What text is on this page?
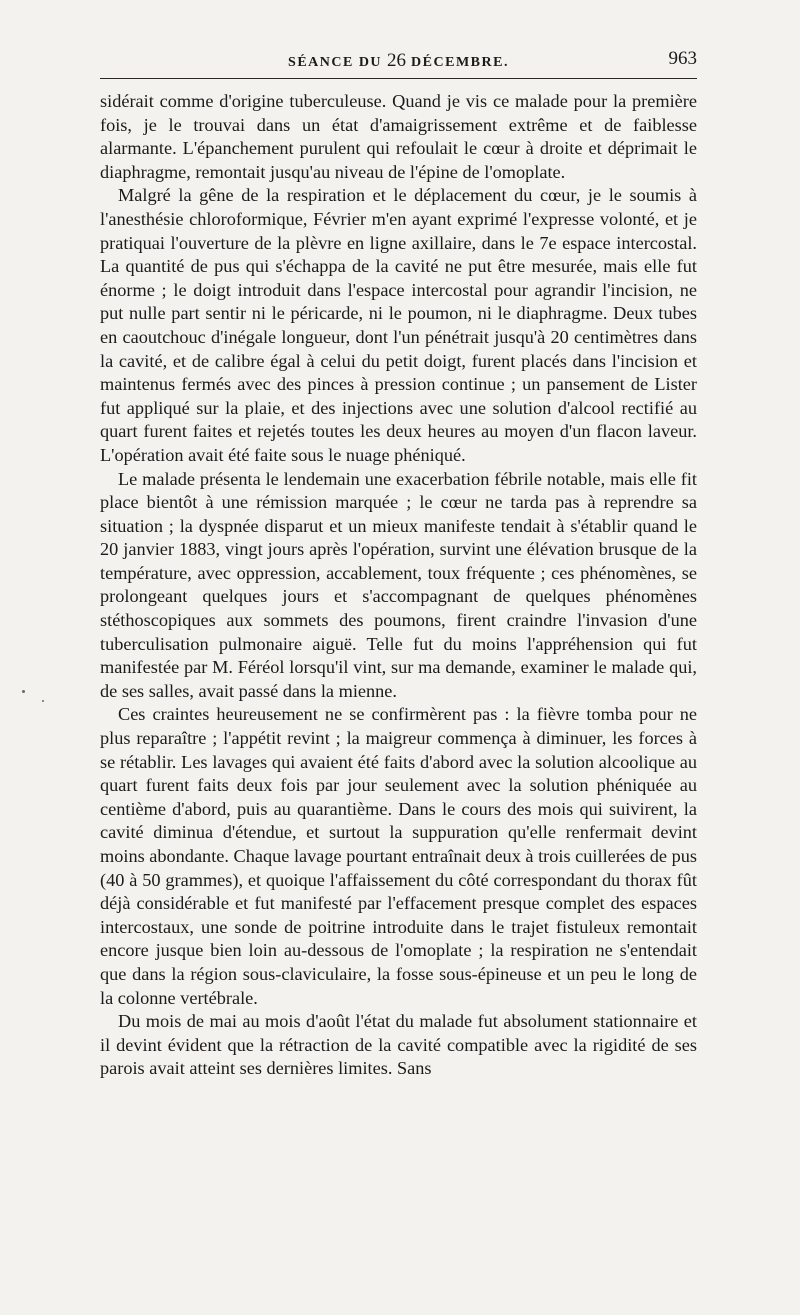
SÉANCE DU 26 DÉCEMBRE.	963

sidérait comme d'origine tuberculeuse. Quand je vis ce malade pour la première fois, je le trouvai dans un état d'amaigrissement extrême et de faiblesse alarmante. L'épanchement purulent qui refoulait le cœur à droite et déprimait le diaphragme, remontait jusqu'au niveau de l'épine de l'omoplate.

Malgré la gêne de la respiration et le déplacement du cœur, je le soumis à l'anesthésie chloroformique, Février m'en ayant exprimé l'expresse volonté, et je pratiquai l'ouverture de la plèvre en ligne axillaire, dans le 7e espace intercostal. La quantité de pus qui s'échappa de la cavité ne put être mesurée, mais elle fut énorme ; le doigt introduit dans l'espace intercostal pour agrandir l'incision, ne put nulle part sentir ni le péricarde, ni le poumon, ni le diaphragme. Deux tubes en caoutchouc d'inégale longueur, dont l'un pénétrait jusqu'à 20 centimètres dans la cavité, et de calibre égal à celui du petit doigt, furent placés dans l'incision et maintenus fermés avec des pinces à pression continue ; un pansement de Lister fut appliqué sur la plaie, et des injections avec une solution d'alcool rectifié au quart furent faites et rejetés toutes les deux heures au moyen d'un flacon laveur. L'opération avait été faite sous le nuage phéniqué.

Le malade présenta le lendemain une exacerbation fébrile notable, mais elle fit place bientôt à une rémission marquée ; le cœur ne tarda pas à reprendre sa situation ; la dyspnée disparut et un mieux manifeste tendait à s'établir quand le 20 janvier 1883, vingt jours après l'opération, survint une élévation brusque de la température, avec oppression, accablement, toux fréquente ; ces phénomènes, se prolongeant quelques jours et s'accompagnant de quelques phénomènes stéthoscopiques aux sommets des poumons, firent craindre l'invasion d'une tuberculisation pulmonaire aiguë. Telle fut du moins l'appréhension qui fut manifestée par M. Féréol lorsqu'il vint, sur ma demande, examiner le malade qui, de ses salles, avait passé dans la mienne.

Ces craintes heureusement ne se confirmèrent pas : la fièvre tomba pour ne plus reparaître ; l'appétit revint ; la maigreur commença à diminuer, les forces à se rétablir. Les lavages qui avaient été faits d'abord avec la solution alcoolique au quart furent faits deux fois par jour seulement avec la solution phéniquée au centième d'abord, puis au quarantième. Dans le cours des mois qui suivirent, la cavité diminua d'étendue, et surtout la suppuration qu'elle renfermait devint moins abondante. Chaque lavage pourtant entraînait deux à trois cuillerées de pus (40 à 50 grammes), et quoique l'affaissement du côté correspondant du thorax fût déjà considérable et fut manifesté par l'effacement presque complet des espaces intercostaux, une sonde de poitrine introduite dans le trajet fistuleux remontait encore jusque bien loin au-dessous de l'omoplate ; la respiration ne s'entendait que dans la région sous-claviculaire, la fosse sous-épineuse et un peu le long de la colonne vertébrale.

Du mois de mai au mois d'août l'état du malade fut absolument stationnaire et il devint évident que la rétraction de la cavité compatible avec la rigidité de ses parois avait atteint ses dernières limites. Sans
